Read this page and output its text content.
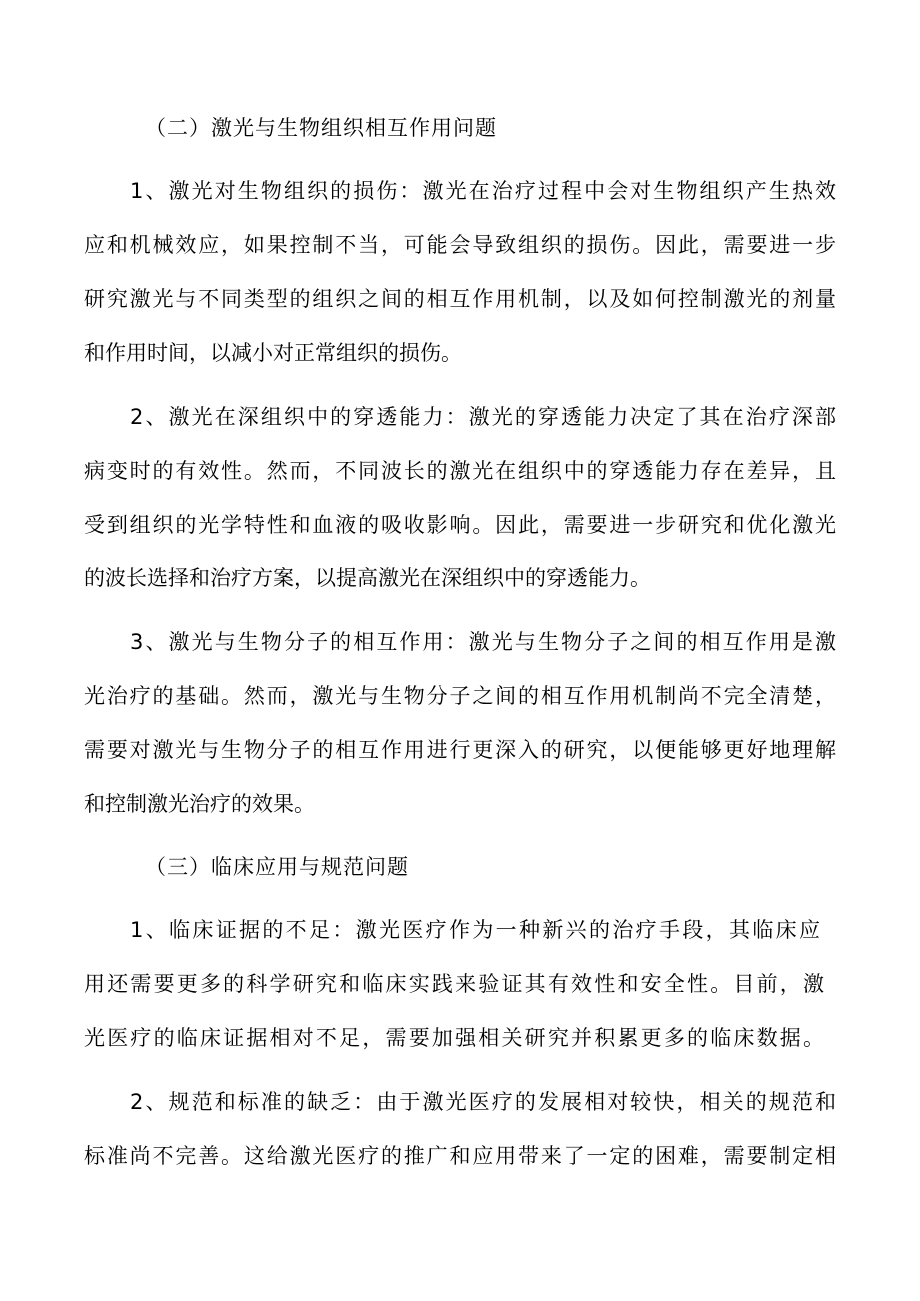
（二）激光与生物组织相互作用问题

1、激光对生物组织的损伤：激光在治疗过程中会对生物组织产生热效

应和机械效应，如果控制不当，可能会导致组织的损伤。因此，需要进一步

研究激光与不同类型的组织之间的相互作用机制，以及如何控制激光的剂量

和作用时间，以减小对正常组织的损伤。

2、激光在深组织中的穿透能力：激光的穿透能力决定了其在治疗深部

病变时的有效性。然而，不同波长的激光在组织中的穿透能力存在差异，且

受到组织的光学特性和血液的吸收影响。因此，需要进一步研究和优化激光

的波长选择和治疗方案，以提高激光在深组织中的穿透能力。

3、激光与生物分子的相互作用：激光与生物分子之间的相互作用是激

光治疗的基础。然而，激光与生物分子之间的相互作用机制尚不完全清楚，

需要对激光与生物分子的相互作用进行更深入的研究，以便能够更好地理解

和控制激光治疗的效果。

（三）临床应用与规范问题

1、临床证据的不足：激光医疗作为一种新兴的治疗手段，其临床应

用还需要更多的科学研究和临床实践来验证其有效性和安全性。目前，激

光医疗的临床证据相对不足，需要加强相关研究并积累更多的临床数据。

2、规范和标准的缺乏：由于激光医疗的发展相对较快，相关的规范和

标准尚不完善。这给激光医疗的推广和应用带来了一定的困难，需要制定相
